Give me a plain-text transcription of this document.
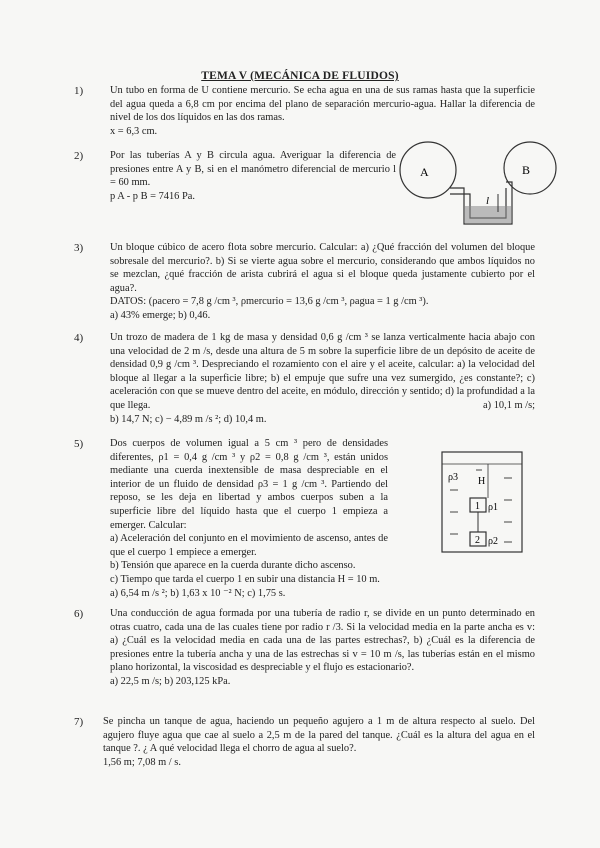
TEMA V (MECÁNICA DE FLUIDOS)
1)	Un tubo en forma de U contiene mercurio. Se echa agua en una de sus ramas hasta que la superficie del agua queda a 6,8 cm por encima del plano de separación mercurio-agua. Hallar la diferencia de nivel de los dos líquidos en las dos ramas.

x = 6,3 cm.
2)	Por las tuberías A y B circula agua. Averiguar la diferencia de presiones entre A y B, si en el manómetro diferencial de mercurio l = 60 mm.

p A - p B = 7416 Pa.
A	B
l
3)	Un bloque cúbico de acero flota sobre mercurio. Calcular: a) ¿Qué fracción del volumen del bloque sobresale del mercurio?. b) Si se vierte agua sobre el mercurio, considerando que ambos líquidos no se mezclan, ¿qué fracción de arista cubrirá el agua si el bloque queda justamente cubierto por el agua?.

DATOS: (ρacero = 7,8 g /cm ³, ρmercurio = 13,6 g /cm ³, ρagua = 1 g /cm ³).
a) 43% emerge; b) 0,46.
4)	Un trozo de madera de 1 kg de masa y densidad 0,6 g /cm ³ se lanza verticalmente hacia abajo con una velocidad de 2 m /s, desde una altura de 5 m sobre la superficie libre de un depósito de aceite de densidad 0,9 g /cm ³. Despreciando el rozamiento con el aire y el aceite, calcular: a) la velocidad del bloque al llegar a la superficie libre; b) el empuje que sufre una vez sumergido, ¿es constante?; c) aceleración con que se mueve dentro del aceite, en módulo, dirección y sentido; d) la profundidad a la que llega.	a) 10,1 m /s;

b) 14,7 N; c) − 4,89 m /s ²; d) 10,4 m.
5)	Dos cuerpos de volumen igual a 5 cm ³ pero de densidades diferentes, ρ1 = 0,4 g /cm ³ y ρ2 = 0,8 g /cm ³, están unidos mediante una cuerda inextensible de masa despreciable en el interior de un fluido de densidad ρ3 = 1 g /cm ³. Partiendo del reposo, se les deja en libertad y ambos cuerpos suben a la superficie libre del líquido hasta que el cuerpo 1 empieza a emerger. Calcular:

a) Aceleración del conjunto en el movimiento de ascenso, antes de que el cuerpo 1 empiece a emerger.
b) Tensión que aparece en la cuerda durante dicho ascenso.
c) Tiempo que tarda el cuerpo 1 en subir una distancia H = 10 m.
a) 6,54 m /s ²; b) 1,63 x 10 ⁻² N; c) 1,75 s.
ρ3 H
1 ρ1
2 ρ2
6)	Una conducción de agua formada por una tubería de radio r, se divide en un punto determinado en otras cuatro, cada una de las cuales tiene por radio r /3. Si la velocidad media en la parte ancha es v: a) ¿Cuál es la velocidad media en cada una de las partes estrechas?, b) ¿Cuál es la diferencia de presiones entre la tubería ancha y una de las estrechas si v = 10 m /s, las tuberías están en el mismo plano horizontal, la viscosidad es despreciable y el flujo es estacionario?.

a) 22,5 m /s; b) 203,125 kPa.
7) Se pincha un tanque de agua, haciendo un pequeño agujero a 1 m de altura respecto al suelo. Del agujero fluye agua que cae al suelo a 2,5 m de la pared del tanque. ¿Cuál es la altura del agua en el tanque ?. ¿ A qué velocidad llega el chorro de agua al suelo?.

1,56 m; 7,08 m / s.
